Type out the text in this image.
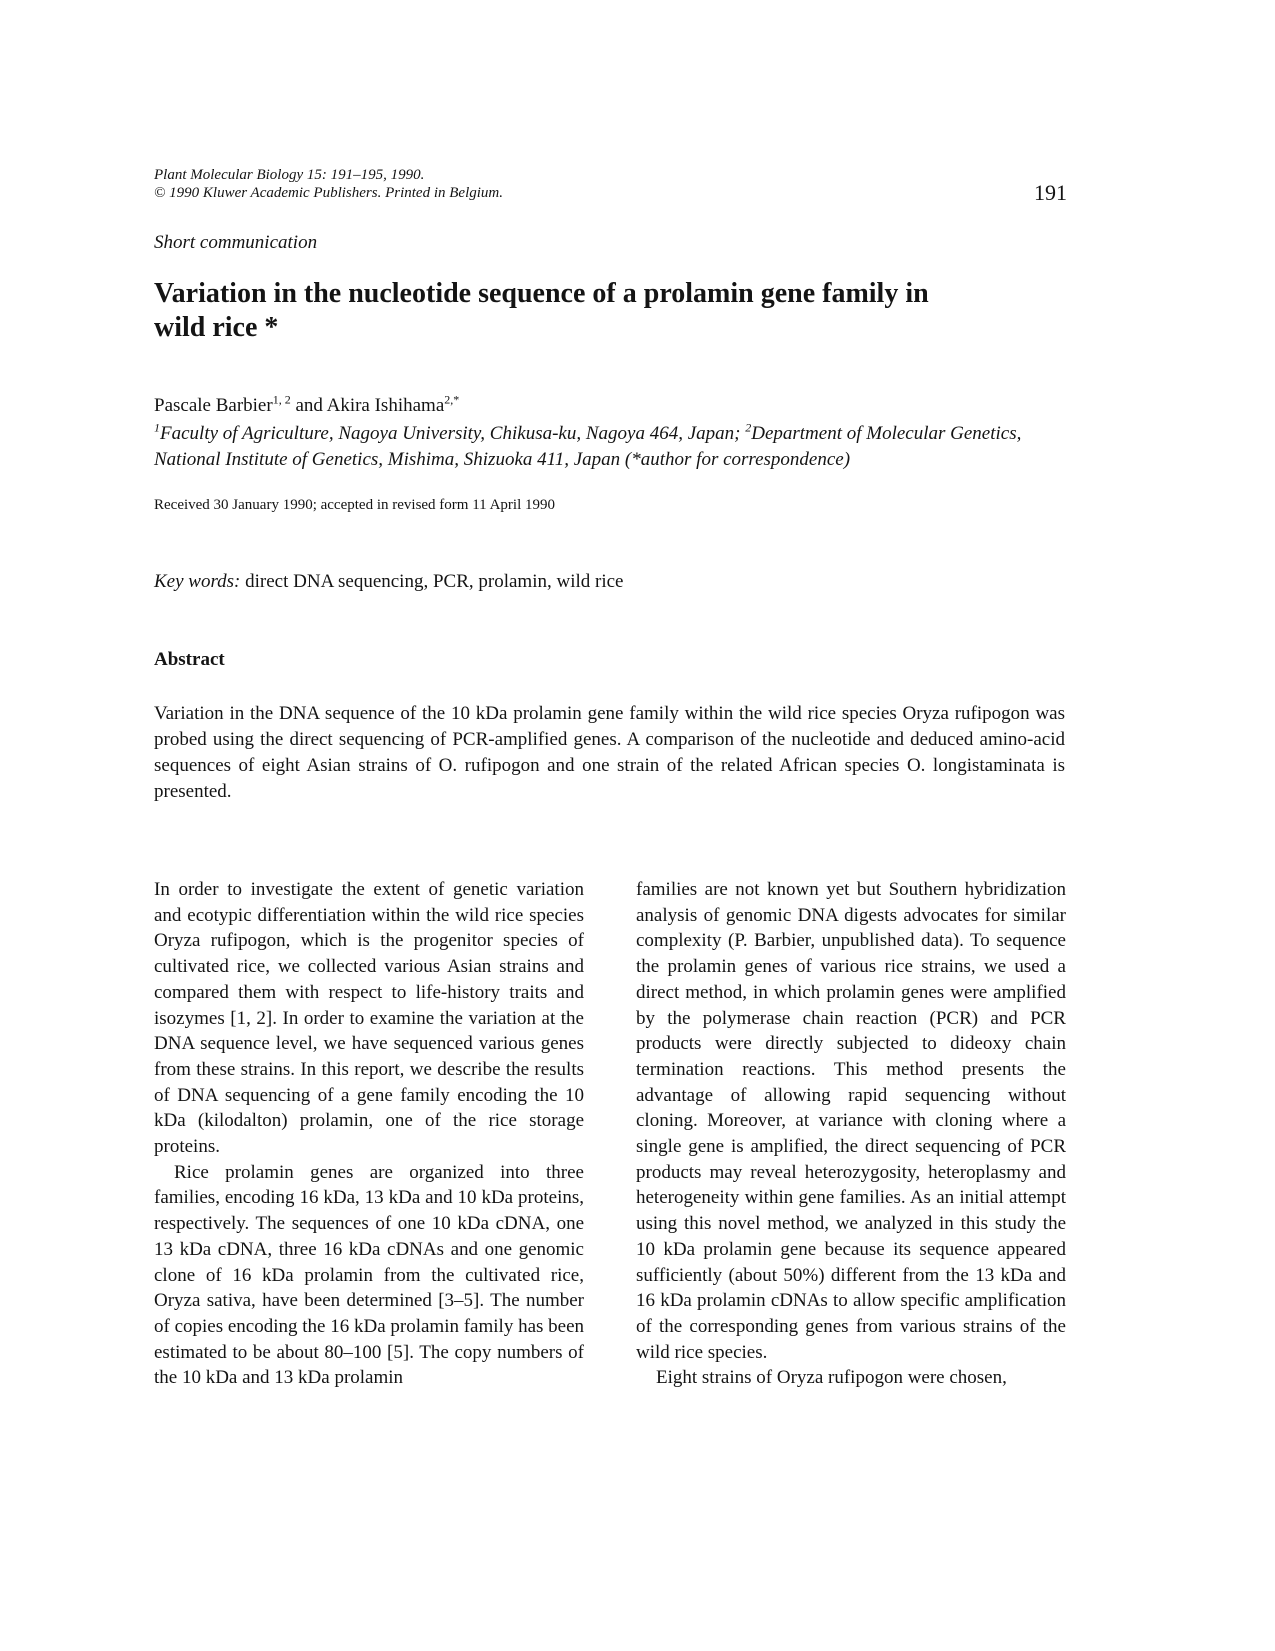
Plant Molecular Biology 15: 191–195, 1990.
© 1990 Kluwer Academic Publishers. Printed in Belgium.	191
Short communication
Variation in the nucleotide sequence of a prolamin gene family in
wild rice *
Pascale Barbier$^{1, 2}$ and Akira Ishihama$^{2,*}$
$^1$Faculty of Agriculture, Nagoya University, Chikusa-ku, Nagoya 464, Japan; $^2$Department of Molecular Genetics, National Institute of Genetics, Mishima, Shizuoka 411, Japan (*author for correspondence)
Received 30 January 1990; accepted in revised form 11 April 1990
Key words: direct DNA sequencing, PCR, prolamin, wild rice
Abstract
Variation in the DNA sequence of the 10 kDa prolamin gene family within the wild rice species Oryza rufipogon was probed using the direct sequencing of PCR-amplified genes. A comparison of the nucleotide and deduced amino-acid sequences of eight Asian strains of O. rufipogon and one strain of the related African species O. longistaminata is presented.

In order to investigate the extent of genetic variation and ecotypic differentiation within the wild rice species Oryza rufipogon, which is the progenitor species of cultivated rice, we collected various Asian strains and compared them with respect to life-history traits and isozymes [1, 2]. In order to examine the variation at the DNA sequence level, we have sequenced various genes from these strains. In this report, we describe the results of DNA sequencing of a gene family encoding the 10 kDa (kilodalton) prolamin, one of the rice storage proteins.

Rice prolamin genes are organized into three families, encoding 16 kDa, 13 kDa and 10 kDa proteins, respectively. The sequences of one 10 kDa cDNA, one 13 kDa cDNA, three 16 kDa cDNAs and one genomic clone of 16 kDa prolamin from the cultivated rice, Oryza sativa, have been determined [3–5]. The number of copies encoding the 16 kDa prolamin family has been estimated to be about 80–100 [5]. The copy numbers of the 10 kDa and 13 kDa prolamin

families are not known yet but Southern hybridization analysis of genomic DNA digests advocates for similar complexity (P. Barbier, unpublished data). To sequence the prolamin genes of various rice strains, we used a direct method, in which prolamin genes were amplified by the polymerase chain reaction (PCR) and PCR products were directly subjected to dideoxy chain termination reactions. This method presents the advantage of allowing rapid sequencing without cloning. Moreover, at variance with cloning where a single gene is amplified, the direct sequencing of PCR products may reveal heterozygosity, heteroplasmy and heterogeneity within gene families. As an initial attempt using this novel method, we analyzed in this study the 10 kDa prolamin gene because its sequence appeared sufficiently (about 50%) different from the 13 kDa and 16 kDa prolamin cDNAs to allow specific amplification of the corresponding genes from various strains of the wild rice species.

Eight strains of Oryza rufipogon were chosen,
